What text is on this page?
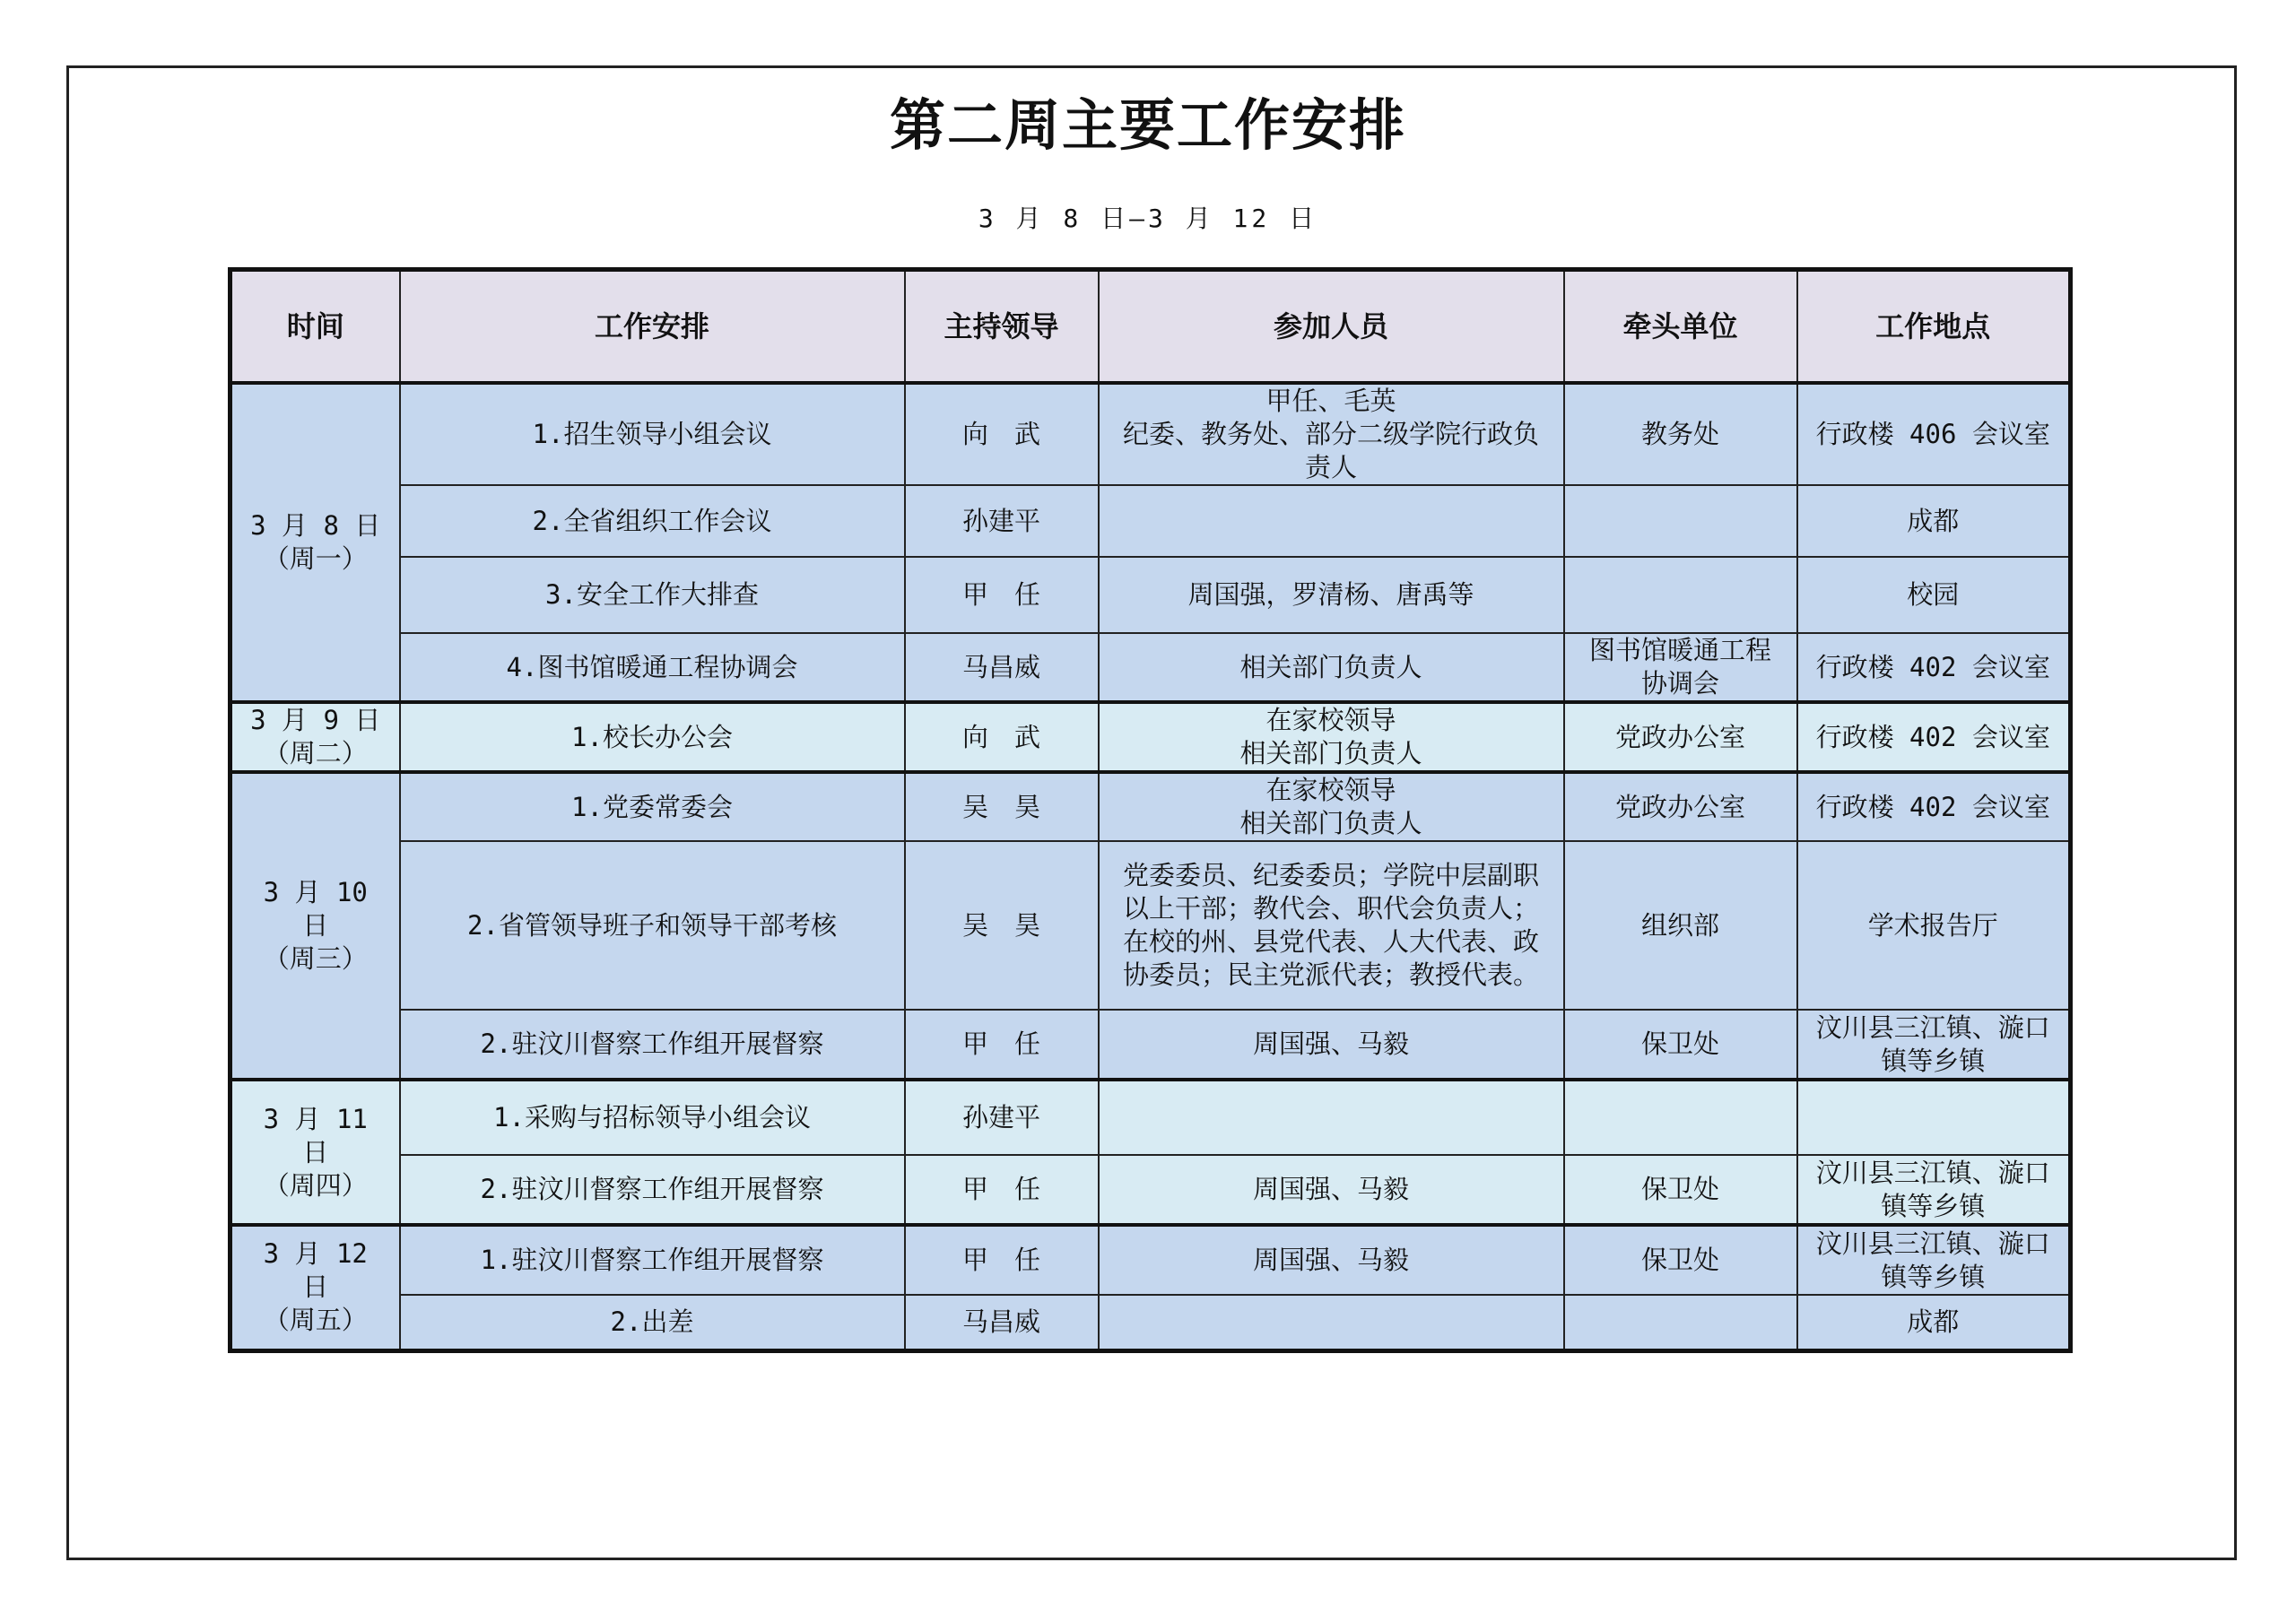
第二周主要工作安排
3 月 8 日—3 月 12 日
时间	工作安排	主持领导	参加人员	牵头单位	工作地点

3 月 8 日
（周一）	1.招生领导小组会议	向　武	甲任、毛英
纪委、教务处、部分二级学院行政负责人	教务处	行政楼 406 会议室
	2.全省组织工作会议	孙建平			成都
	3.安全工作大排查	甲　任	周国强，罗清杨、唐禹等		校园
	4.图书馆暖通工程协调会	马昌威	相关部门负责人	图书馆暖通工程协调会	行政楼 402 会议室

3 月 9 日
（周二）	1.校长办公会	向　武	在家校领导
相关部门负责人	党政办公室	行政楼 402 会议室

3 月 10 日
（周三）	1.党委常委会	吴　昊	在家校领导
相关部门负责人	党政办公室	行政楼 402 会议室
	2.省管领导班子和领导干部考核	吴　昊	党委委员、纪委委员；学院中层副职以上干部；教代会、职代会负责人；在校的州、县党代表、人大代表、政协委员；民主党派代表；教授代表。	组织部	学术报告厅
	2.驻汶川督察工作组开展督察	甲　任	周国强、马毅	保卫处	汶川县三江镇、漩口镇等乡镇

3 月 11 日
（周四）	1.采购与招标领导小组会议	孙建平			
	2.驻汶川督察工作组开展督察	甲　任	周国强、马毅	保卫处	汶川县三江镇、漩口镇等乡镇

3 月 12 日
（周五）	1.驻汶川督察工作组开展督察	甲　任	周国强、马毅	保卫处	汶川县三江镇、漩口镇等乡镇
	2.出差	马昌威			成都
